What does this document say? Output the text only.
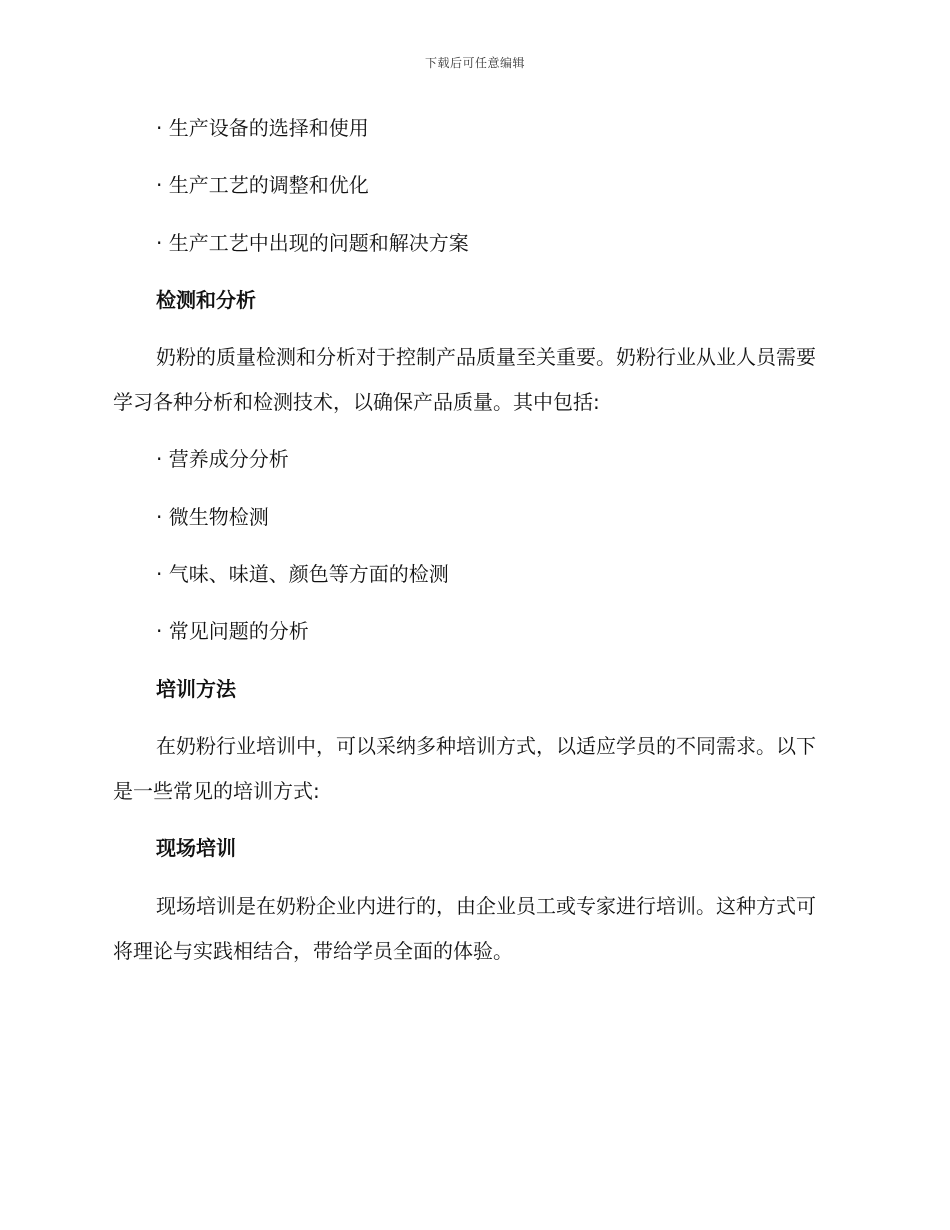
下载后可任意编辑
· 生产设备的选择和使用
· 生产工艺的调整和优化
· 生产工艺中出现的问题和解决方案
检测和分析
奶粉的质量检测和分析对于控制产品质量至关重要。奶粉行业从业人员需要学习各种分析和检测技术，以确保产品质量。其中包括:
· 营养成分分析
· 微生物检测
· 气味、味道、颜色等方面的检测
· 常见问题的分析
培训方法
在奶粉行业培训中，可以采纳多种培训方式，以适应学员的不同需求。以下是一些常见的培训方式:
现场培训
现场培训是在奶粉企业内进行的，由企业员工或专家进行培训。这种方式可将理论与实践相结合，带给学员全面的体验。
